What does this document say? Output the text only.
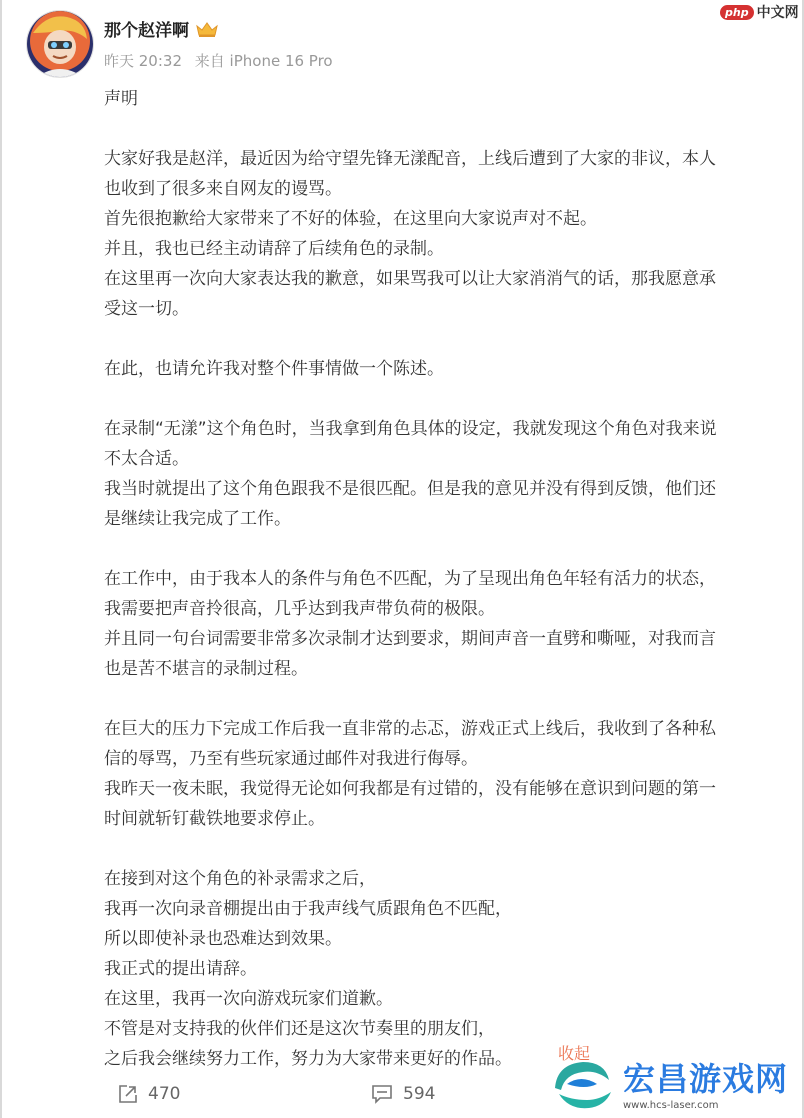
那个赵洋啊
昨天 20:32 来自 iPhone 16 Pro
php 中文网

声明

大家好我是赵洋，最近因为给守望先锋无漾配音，上线后遭到了大家的非议，本人

也收到了很多来自网友的谩骂。

首先很抱歉给大家带来了不好的体验，在这里向大家说声对不起。

并且，我也已经主动请辞了后续角色的录制。

在这里再一次向大家表达我的歉意，如果骂我可以让大家消消气的话，那我愿意承

受这一切。

在此，也请允许我对整个件事情做一个陈述。

在录制“无漾”这个角色时，当我拿到角色具体的设定，我就发现这个角色对我来说

不太合适。

我当时就提出了这个角色跟我不是很匹配。但是我的意见并没有得到反馈，他们还

是继续让我完成了工作。

在工作中，由于我本人的条件与角色不匹配，为了呈现出角色年轻有活力的状态，

我需要把声音拎很高，几乎达到我声带负荷的极限。

并且同一句台词需要非常多次录制才达到要求，期间声音一直劈和嘶哑，对我而言

也是苦不堪言的录制过程。

在巨大的压力下完成工作后我一直非常的忐忑，游戏正式上线后，我收到了各种私

信的辱骂，乃至有些玩家通过邮件对我进行侮辱。

我昨天一夜未眠，我觉得无论如何我都是有过错的，没有能够在意识到问题的第一

时间就斩钉截铁地要求停止。

在接到对这个角色的补录需求之后，

我再一次向录音棚提出由于我声线气质跟角色不匹配，

所以即使补录也恐难达到效果。

我正式的提出请辞。

在这里，我再一次向游戏玩家们道歉。

不管是对支持我的伙伴们还是这次节奏里的朋友们，

之后我会继续努力工作，努力为大家带来更好的作品。	收起
470	594	宏昌游戏网
www.hcs-laser.com
